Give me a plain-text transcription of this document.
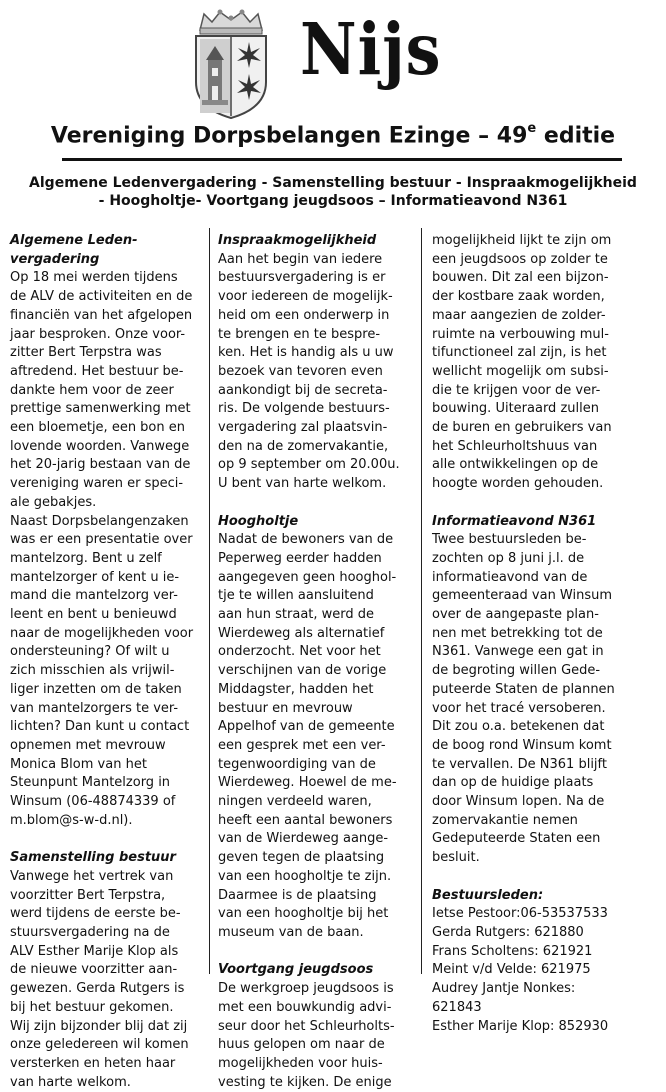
Nijs
Vereniging Dorpsbelangen Ezinge – 49e editie
Algemene Ledenvergadering - Samenstelling bestuur - Inspraakmogelijkheid
- Hoogholtje- Voortgang jeugdsoos – Informatieavond N361
Algemene Leden-
vergadering

Op 18 mei werden tijdens

de ALV de activiteiten en de

financiën van het afgelopen

jaar besproken. Onze voor-

zitter Bert Terpstra was

aftredend. Het bestuur be-

dankte hem voor de zeer

prettige samenwerking met

een bloemetje, een bon en

lovende woorden. Vanwege

het 20-jarig bestaan van de

vereniging waren er speci-

ale gebakjes.

Naast Dorpsbelangenzaken

was er een presentatie over

mantelzorg. Bent u zelf

mantelzorger of kent u ie-

mand die mantelzorg ver-

leent en bent u benieuwd

naar de mogelijkheden voor

ondersteuning? Of wilt u

zich misschien als vrijwil-

liger inzetten om de taken

van mantelzorgers te ver-

lichten? Dan kunt u contact

opnemen met mevrouw

Monica Blom van het

Steunpunt Mantelzorg in

Winsum (06-48874339 of

m.blom@s-w-d.nl).

Samenstelling bestuur

Vanwege het vertrek van

voorzitter Bert Terpstra,

werd tijdens de eerste be-

stuursvergadering na de

ALV Esther Marije Klop als

de nieuwe voorzitter aan-

gewezen. Gerda Rutgers is

bij het bestuur gekomen.

Wij zijn bijzonder blij dat zij

onze geledereen wil komen

versterken en heten haar

van harte welkom.

Inspraakmogelijkheid

Aan het begin van iedere

bestuursvergadering is er

voor iedereen de mogelijk-

heid om een onderwerp in

te brengen en te bespre-

ken. Het is handig als u uw

bezoek van tevoren even

aankondigt bij de secreta-

ris. De volgende bestuurs-

vergadering zal plaatsvin-

den na de zomervakantie,

op 9 september om 20.00u.

U bent van harte welkom.

Hoogholtje

Nadat de bewoners van de

Peperweg eerder hadden

aangegeven geen hooghol-

tje te willen aansluitend

aan hun straat, werd de

Wierdeweg als alternatief

onderzocht. Net voor het

verschijnen van de vorige

Middagster, hadden het

bestuur en mevrouw

Appelhof van de gemeente

een gesprek met een ver-

tegenwoordiging van de

Wierdeweg. Hoewel de me-

ningen verdeeld waren,

heeft een aantal bewoners

van de Wierdeweg aange-

geven tegen de plaatsing

van een hoogholtje te zijn.

Daarmee is de plaatsing

van een hoogholtje bij het

museum van de baan.

Voortgang jeugdsoos

De werkgroep jeugdsoos is

met een bouwkundig advi-

seur door het Schleurholts-

huus gelopen om naar de

mogelijkheden voor huis-

vesting te kijken. De enige

mogelijkheid lijkt te zijn om

een jeugdsoos op zolder te

bouwen. Dit zal een bijzon-

der kostbare zaak worden,

maar aangezien de zolder-

ruimte na verbouwing mul-

tifunctioneel zal zijn, is het

wellicht mogelijk om subsi-

die te krijgen voor de ver-

bouwing. Uiteraard zullen

de buren en gebruikers van

het Schleurholtshuus van

alle ontwikkelingen op de

hoogte worden gehouden.

Informatieavond N361

Twee bestuursleden be-

zochten op 8 juni j.l. de

informatieavond van de

gemeenteraad van Winsum

over de aangepaste plan-

nen met betrekking tot de

N361. Vanwege een gat in

de begroting willen Gede-

puteerde Staten de plannen

voor het tracé versoberen.

Dit zou o.a. betekenen dat

de boog rond Winsum komt

te vervallen. De N361 blijft

dan op de huidige plaats

door Winsum lopen. Na de

zomervakantie nemen

Gedeputeerde Staten een

besluit.

Bestuursleden:

Ietse Pestoor:06-53537533

Gerda Rutgers: 621880

Frans Scholtens: 621921

Meint v/d Velde: 621975

Audrey Jantje Nonkes:

621843

Esther Marije Klop: 852930
